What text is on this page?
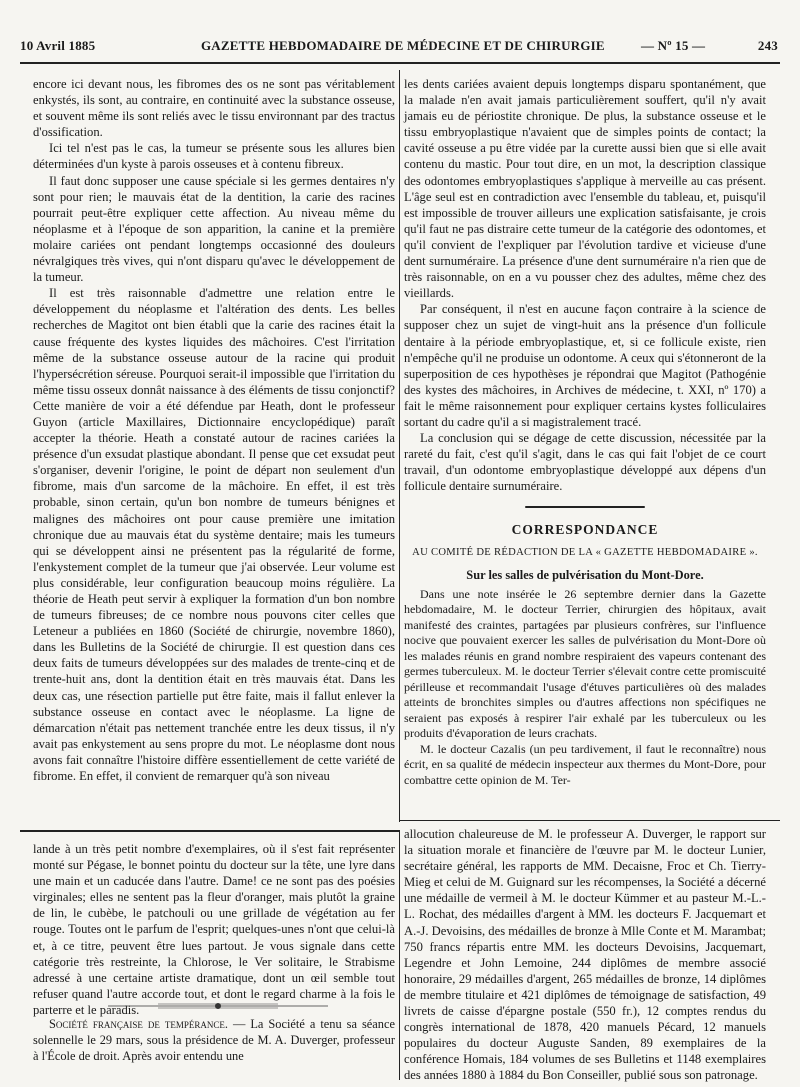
10 Avril 1885	GAZETTE HEBDOMADAIRE DE MÉDECINE ET DE CHIRURGIE	— Nº 15 —	243

encore ici devant nous, les fibromes des os ne sont pas véritablement enkystés, ils sont, au contraire, en continuité avec la substance osseuse, et souvent même ils sont reliés avec le tissu environnant par des tractus d'ossification.

Ici tel n'est pas le cas, la tumeur se présente sous les allures bien déterminées d'un kyste à parois osseuses et à contenu fibreux.

Il faut donc supposer une cause spéciale si les germes dentaires n'y sont pour rien; le mauvais état de la dentition, la carie des racines pourrait peut-être expliquer cette affection. Au niveau même du néoplasme et à l'époque de son apparition, la canine et la première molaire cariées ont pendant longtemps occasionné des douleurs névralgiques très vives, qui n'ont disparu qu'avec le développement de la tumeur.

Il est très raisonnable d'admettre une relation entre le développement du néoplasme et l'altération des dents. Les belles recherches de Magitot ont bien établi que la carie des racines était la cause fréquente des kystes liquides des mâchoires. C'est l'irritation même de la substance osseuse autour de la racine qui produit l'hypersécrétion séreuse. Pourquoi serait-il impossible que l'irritation du même tissu osseux donnât naissance à des éléments de tissu conjonctif? Cette manière de voir a été défendue par Heath, dont le professeur Guyon (article Maxillaires, Dictionnaire encyclopédique) paraît accepter la théorie. Heath a constaté autour de racines cariées la présence d'un exsudat plastique abondant. Il pense que cet exsudat peut s'organiser, devenir l'origine, le point de départ non seulement d'un fibrome, mais d'un sarcome de la mâchoire. En effet, il est très probable, sinon certain, qu'un bon nombre de tumeurs bénignes et malignes des mâchoires ont pour cause première une imitation chronique due au mauvais état du système dentaire; mais les tumeurs qui se développent ainsi ne présentent pas la régularité de forme, l'enkystement complet de la tumeur que j'ai observée. Leur volume est plus considérable, leur configuration beaucoup moins régulière. La théorie de Heath peut servir à expliquer la formation d'un bon nombre de tumeurs fibreuses; de ce nombre nous pouvons citer celles que Leteneur a publiées en 1860 (Société de chirurgie, novembre 1860), dans les Bulletins de la Société de chirurgie. Il est question dans ces deux faits de tumeurs développées sur des malades de trente-cinq et de trente-huit ans, dont la dentition était en très mauvais état. Dans les deux cas, une résection partielle put être faite, mais il fallut enlever la substance osseuse en contact avec le néoplasme. La ligne de démarcation n'était pas nettement tranchée entre les deux tissus, il n'y avait pas enkystement au sens propre du mot. Le néoplasme dont nous avons fait connaître l'histoire diffère essentiellement de cette variété de fibrome. En effet, il convient de remarquer qu'à son niveau

les dents cariées avaient depuis longtemps disparu spontanément, que la malade n'en avait jamais particulièrement souffert, qu'il n'y avait jamais eu de périostite chronique. De plus, la substance osseuse et le tissu embryoplastique n'avaient que de simples points de contact; la cavité osseuse a pu être vidée par la curette aussi bien que si elle avait contenu du mastic. Pour tout dire, en un mot, la description classique des odontomes embryoplastiques s'applique à merveille au cas présent. L'âge seul est en contradiction avec l'ensemble du tableau, et, puisqu'il est impossible de trouver ailleurs une explication satisfaisante, je crois qu'il faut ne pas distraire cette tumeur de la catégorie des odontomes, et qu'il convient de l'expliquer par l'évolution tardive et vicieuse d'une dent surnuméraire. La présence d'une dent surnuméraire n'a rien que de très raisonnable, on en a vu pousser chez des adultes, même chez des vieillards.

Par conséquent, il n'est en aucune façon contraire à la science de supposer chez un sujet de vingt-huit ans la présence d'un follicule dentaire à la période embryoplastique, et, si ce follicule existe, rien n'empêche qu'il ne produise un odontome. A ceux qui s'étonneront de la superposition de ces hypothèses je répondrai que Magitot (Pathogénie des kystes des mâchoires, in Archives de médecine, t. XXI, nº 170) a fait le même raisonnement pour expliquer certains kystes folliculaires sortant du cadre qu'il a si magistralement tracé.

La conclusion qui se dégage de cette discussion, nécessitée par la rareté du fait, c'est qu'il s'agit, dans le cas qui fait l'objet de ce court travail, d'un odontome embryoplastique développé aux dépens d'un follicule dentaire surnuméraire.

CORRESPONDANCE
AU COMITÉ DE RÉDACTION DE LA « GAZETTE HEBDOMADAIRE ».
Sur les salles de pulvérisation du Mont-Dore.

Dans une note insérée le 26 septembre dernier dans la Gazette hebdomadaire, M. le docteur Terrier, chirurgien des hôpitaux, avait manifesté des craintes, partagées par plusieurs confrères, sur l'influence nocive que pouvaient exercer les salles de pulvérisation du Mont-Dore où les malades réunis en grand nombre respiraient des vapeurs contenant des germes tuberculeux. M. le docteur Terrier s'élevait contre cette promiscuité périlleuse et recommandait l'usage d'étuves particulières où des malades atteints de bronchites simples ou d'autres affections non spécifiques ne seraient pas exposés à respirer l'air exhalé par les tuberculeux ou les produits d'évaporation de leurs crachats.

M. le docteur Cazalis (un peu tardivement, il faut le reconnaître) nous écrit, en sa qualité de médecin inspecteur aux thermes du Mont-Dore, pour combattre cette opinion de M. Ter-

lande à un très petit nombre d'exemplaires, où il s'est fait représenter monté sur Pégase, le bonnet pointu du docteur sur la tête, une lyre dans une main et un caducée dans l'autre. Dame! ce ne sont pas des poésies virginales; elles ne sentent pas la fleur d'oranger, mais plutôt la graine de lin, le cubèbe, le patchouli ou une grillade de végétation au fer rouge. Toutes ont le parfum de l'esprit; quelques-unes n'ont que celui-là et, à ce titre, peuvent être lues partout. Je vous signale dans cette catégorie très restreinte, la Chlorose, le Ver solitaire, le Strabisme adressé à une certaine artiste dramatique, dont un œil semble tout refuser quand l'autre accorde tout, et dont le regard charme à la fois le parterre et le paradis.

Société française de tempérance. — La Société a tenu sa séance solennelle le 29 mars, sous la présidence de M. A. Duverger, professeur à l'École de droit. Après avoir entendu une

allocution chaleureuse de M. le professeur A. Duverger, le rapport sur la situation morale et financière de l'œuvre par M. le docteur Lunier, secrétaire général, les rapports de MM. Decaisne, Froc et Ch. Tierry-Mieg et celui de M. Guignard sur les récompenses, la Société a décerné une médaille de vermeil à M. le docteur Kümmer et au pasteur M.-L.-L. Rochat, des médailles d'argent à MM. les docteurs F. Jacquemart et A.-J. Devoisins, des médailles de bronze à Mlle Conte et M. Marambat; 750 francs répartis entre MM. les docteurs Devoisins, Jacquemart, Legendre et John Lemoine, 244 diplômes de membre associé honoraire, 29 médailles d'argent, 265 médailles de bronze, 14 diplômes de membre titulaire et 421 diplômes de témoignage de satisfaction, 49 livrets de caisse d'épargne postale (550 fr.), 12 comptes rendus du congrès international de 1878, 420 manuels Pécard, 12 manuels populaires du docteur Auguste Sanden, 89 exemplaires de la conférence Homais, 184 volumes de ses Bulletins et 1148 exemplaires des années 1880 à 1884 du Bon Conseiller, publié sous son patronage.
